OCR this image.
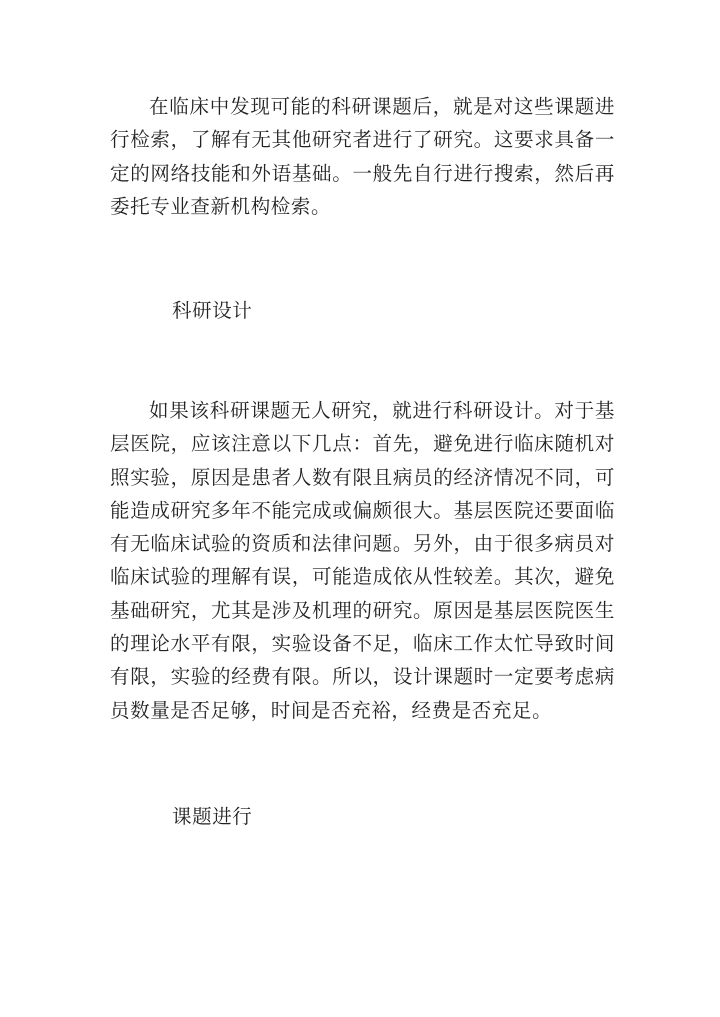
在临床中发现可能的科研课题后，就是对这些课题进行检索，了解有无其他研究者进行了研究。这要求具备一定的网络技能和外语基础。一般先自行进行搜索，然后再委托专业查新机构检索。

科研设计

如果该科研课题无人研究，就进行科研设计。对于基层医院，应该注意以下几点：首先，避免进行临床随机对照实验，原因是患者人数有限且病员的经济情况不同，可能造成研究多年不能完成或偏颇很大。基层医院还要面临有无临床试验的资质和法律问题。另外，由于很多病员对临床试验的理解有误，可能造成依从性较差。其次，避免基础研究，尤其是涉及机理的研究。原因是基层医院医生的理论水平有限，实验设备不足，临床工作太忙导致时间有限，实验的经费有限。所以，设计课题时一定要考虑病员数量是否足够，时间是否充裕，经费是否充足。

课题进行
